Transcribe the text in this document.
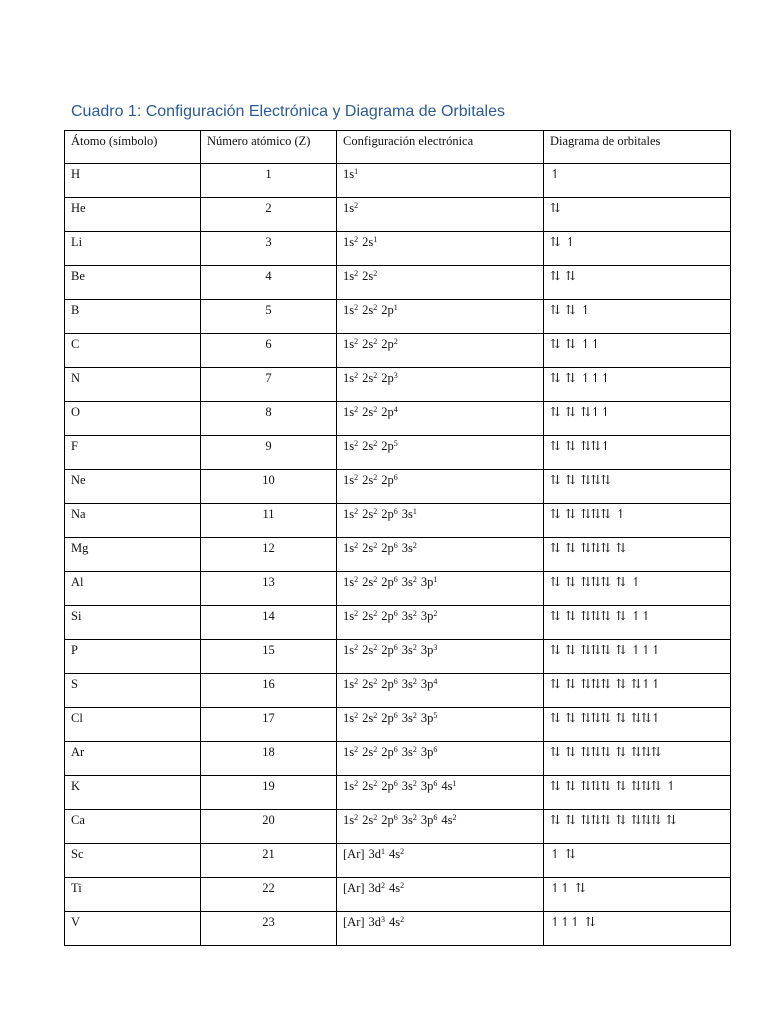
Cuadro 1: Configuración Electrónica y Diagrama de Orbitales
Átomo (símbolo)	Número atómico (Z)	Configuración electrónica	Diagrama de orbitales
H	1	$1s^1$	↿
He	2	$1s^2$	⇅
Li	3	$1s^2$ $2s^1$	⇅  ↿
Be	4	$1s^2$ $2s^2$	⇅  ⇅
B	5	$1s^2$ $2s^2$ $2p^1$	⇅  ⇅  ↿
C	6	$1s^2$ $2s^2$ $2p^2$	⇅  ⇅  ↿↿
N	7	$1s^2$ $2s^2$ $2p^3$	⇅  ⇅  ↿↿↿
O	8	$1s^2$ $2s^2$ $2p^4$	⇅  ⇅  ⇅↿↿
F	9	$1s^2$ $2s^2$ $2p^5$	⇅  ⇅  ⇅⇅↿
Ne	10	$1s^2$ $2s^2$ $2p^6$	⇅  ⇅  ⇅⇅⇅
Na	11	$1s^2$ $2s^2$ $2p^6$ $3s^1$	⇅  ⇅  ⇅⇅⇅  ↿
Mg	12	$1s^2$ $2s^2$ $2p^6$ $3s^2$	⇅  ⇅  ⇅⇅⇅  ⇅
Al	13	$1s^2$ $2s^2$ $2p^6$ $3s^2$ $3p^1$	⇅  ⇅  ⇅⇅⇅  ⇅  ↿
Si	14	$1s^2$ $2s^2$ $2p^6$ $3s^2$ $3p^2$	⇅  ⇅  ⇅⇅⇅  ⇅  ↿↿
P	15	$1s^2$ $2s^2$ $2p^6$ $3s^2$ $3p^3$	⇅  ⇅  ⇅⇅⇅  ⇅  ↿↿↿
S	16	$1s^2$ $2s^2$ $2p^6$ $3s^2$ $3p^4$	⇅  ⇅  ⇅⇅⇅  ⇅  ⇅↿↿
Cl	17	$1s^2$ $2s^2$ $2p^6$ $3s^2$ $3p^5$	⇅  ⇅  ⇅⇅⇅  ⇅  ⇅⇅↿
Ar	18	$1s^2$ $2s^2$ $2p^6$ $3s^2$ $3p^6$	⇅  ⇅  ⇅⇅⇅  ⇅  ⇅⇅⇅
K	19	$1s^2$ $2s^2$ $2p^6$ $3s^2$ $3p^6$ $4s^1$	⇅  ⇅  ⇅⇅⇅  ⇅  ⇅⇅⇅  ↿
Ca	20	$1s^2$ $2s^2$ $2p^6$ $3s^2$ $3p^6$ $4s^2$	⇅  ⇅  ⇅⇅⇅  ⇅  ⇅⇅⇅  ⇅
Sc	21	[Ar] $3d^1$ $4s^2$	↿  ⇅
Ti	22	[Ar] $3d^2$ $4s^2$	↿↿  ⇅
V	23	[Ar] $3d^3$ $4s^2$	↿↿↿  ⇅
